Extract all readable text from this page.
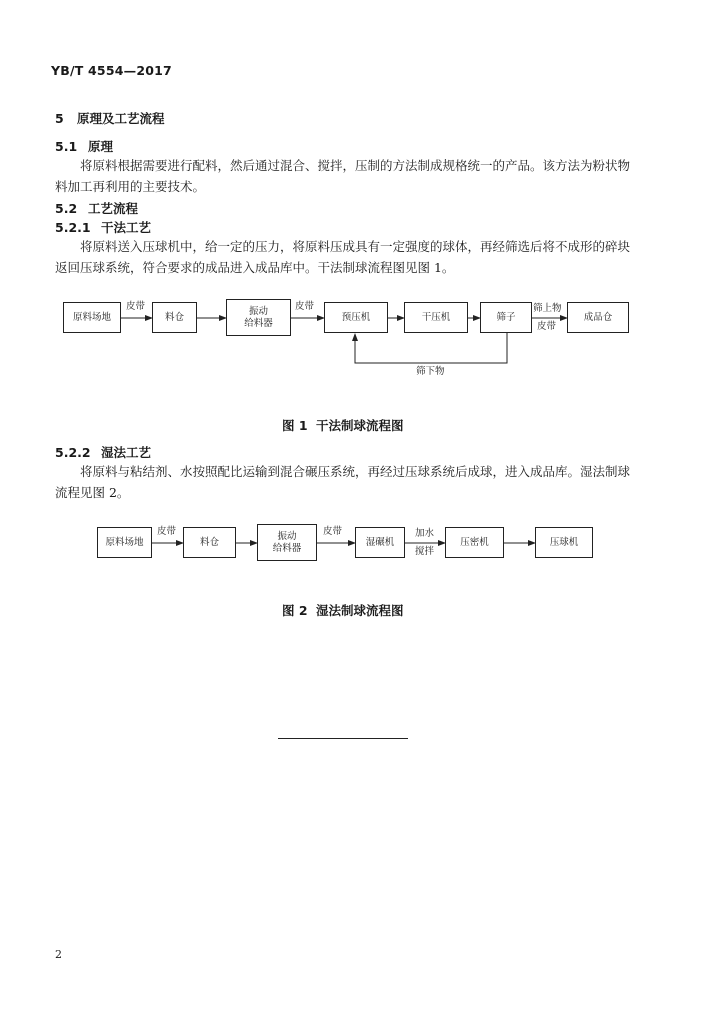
YB/T 4554—2017
5 原理及工艺流程
5.1 原理
将原料根据需要进行配料，然后通过混合、搅拌，压制的方法制成规格统一的产品。该方法为粉状物
料加工再利用的主要技术。
5.2 工艺流程
5.2.1 干法工艺
将原料送入压球机中，给一定的压力，将原料压成具有一定强度的球体，再经筛选后将不成形的碎块
返回压球系统，符合要求的成品进入成品库中。干法制球流程图见图 1。
原料场地	料仓
振动
给料器
预压机	干压机	筛子	成品仓
皮带	皮带	筛上物
皮带
筛下物
图 1 干法制球流程图
5.2.2 湿法工艺
将原料与粘结剂、水按照配比运输到混合碾压系统，再经过压球系统后成球，进入成品库。湿法制球
流程见图 2。
原料场地	料仓
振动
给料器
湿碾机	压密机	压球机
皮带	皮带	加水
搅拌
图 2 湿法制球流程图
2
